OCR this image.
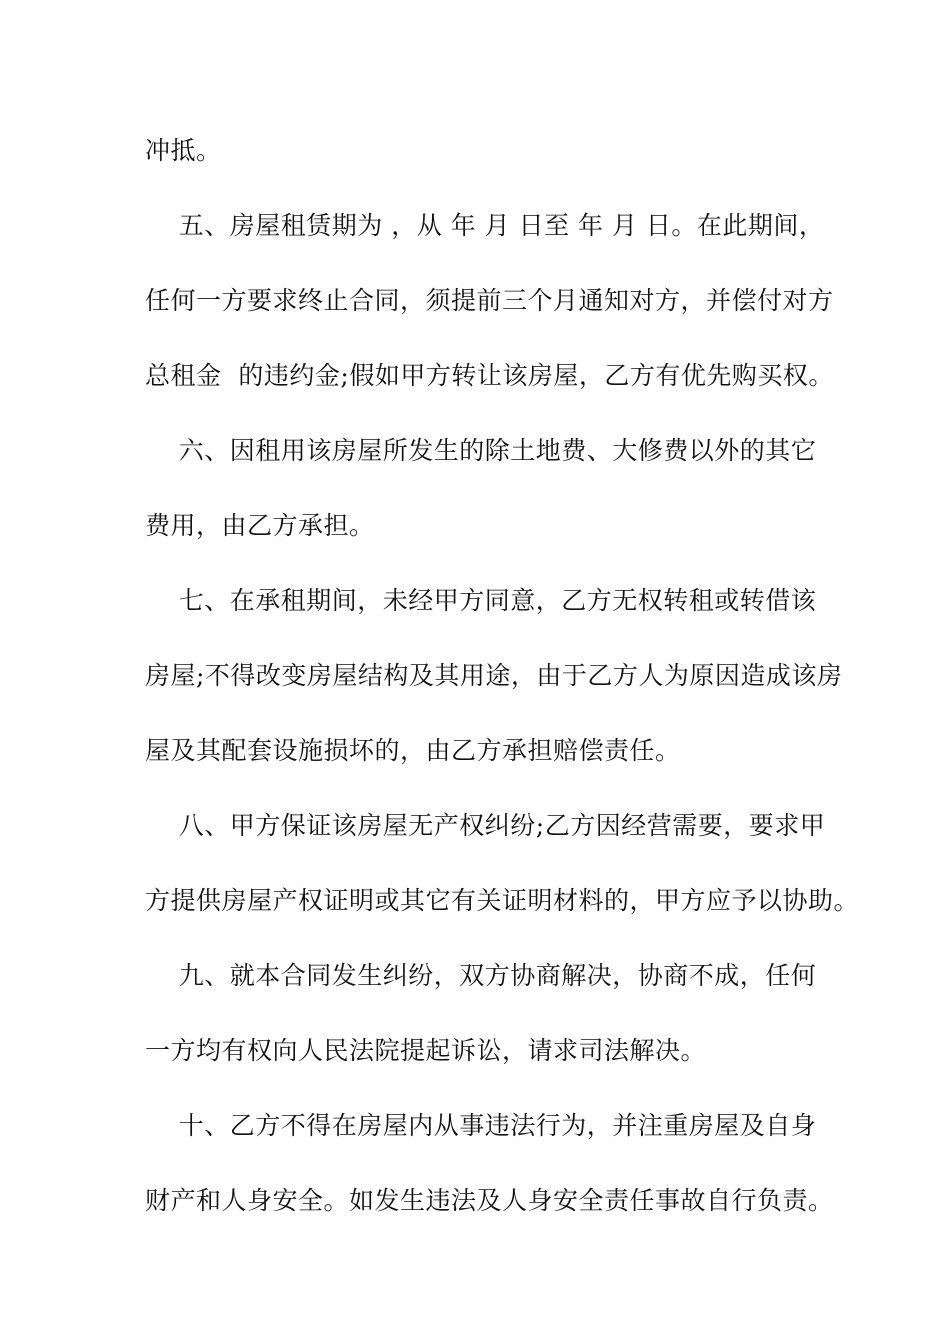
冲抵。
五、房屋租赁期为 ，从 年 月 日至 年 月 日。在此期间，
任何一方要求终止合同，须提前三个月通知对方，并偿付对方
总租金  的违约金;假如甲方转让该房屋，乙方有优先购买权。
六、因租用该房屋所发生的除土地费、大修费以外的其它
费用，由乙方承担。
七、在承租期间，未经甲方同意，乙方无权转租或转借该
房屋;不得改变房屋结构及其用途，由于乙方人为原因造成该房
屋及其配套设施损坏的，由乙方承担赔偿责任。
八、甲方保证该房屋无产权纠纷;乙方因经营需要，要求甲
方提供房屋产权证明或其它有关证明材料的，甲方应予以协助。
九、就本合同发生纠纷，双方协商解决，协商不成，任何
一方均有权向人民法院提起诉讼，请求司法解决。
十、乙方不得在房屋内从事违法行为，并注重房屋及自身
财产和人身安全。如发生违法及人身安全责任事故自行负责。
